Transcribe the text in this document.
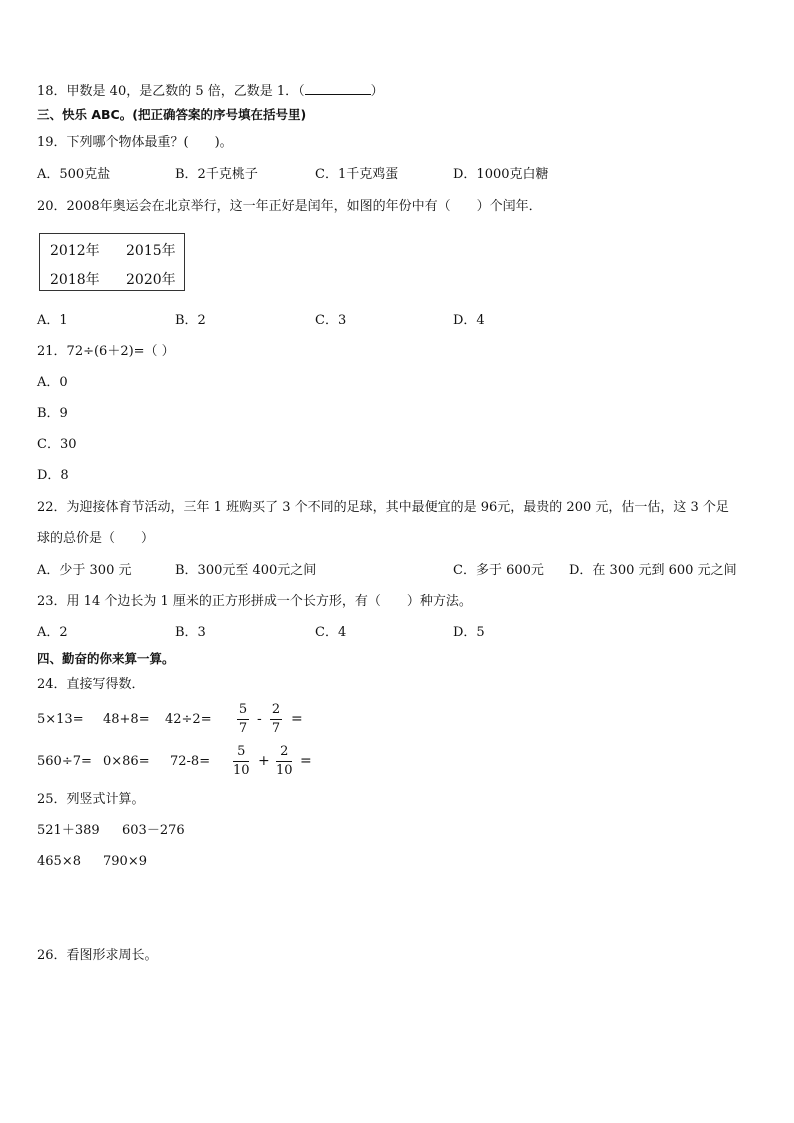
18．甲数是 40，是乙数的 5 倍，乙数是 1．（	）
三、快乐 ABC。(把正确答案的序号填在括号里)
19．下列哪个物体最重？(　　)。
A．500克盐	B．2千克桃子	C．1千克鸡蛋	D．1000克白糖
20．2008年奥运会在北京举行，这一年正好是闰年，如图的年份中有（　　）个闰年．
2012年 2015年
2018年 2020年
A．1	B．2	C．3	D．4
21．72÷(6＋2)=（ ）
A．0
B．9
C．30
D．8
22．为迎接体育节活动，三年 1 班购买了 3 个不同的足球，其中最便宜的是 96元，最贵的 200 元，估一估，这 3 个足
球的总价是（　　）
A．少于 300 元	B．300元至 400元之间	C．多于 600元 D．在 300 元到 600 元之间
23．用 14 个边长为 1 厘米的正方形拼成一个长方形，有（　　）种方法。
A．2	B．3	C．4	D．5
四、勤奋的你来算一算。
24．直接写得数．
5×13= 48+8= 42÷2=
5
7
-
2
7
=
560÷7= 0×86= 72-8=
5
10
+
2
10
=
25．列竖式计算。
521＋389 603－276
465×8 790×9
26．看图形求周长。
